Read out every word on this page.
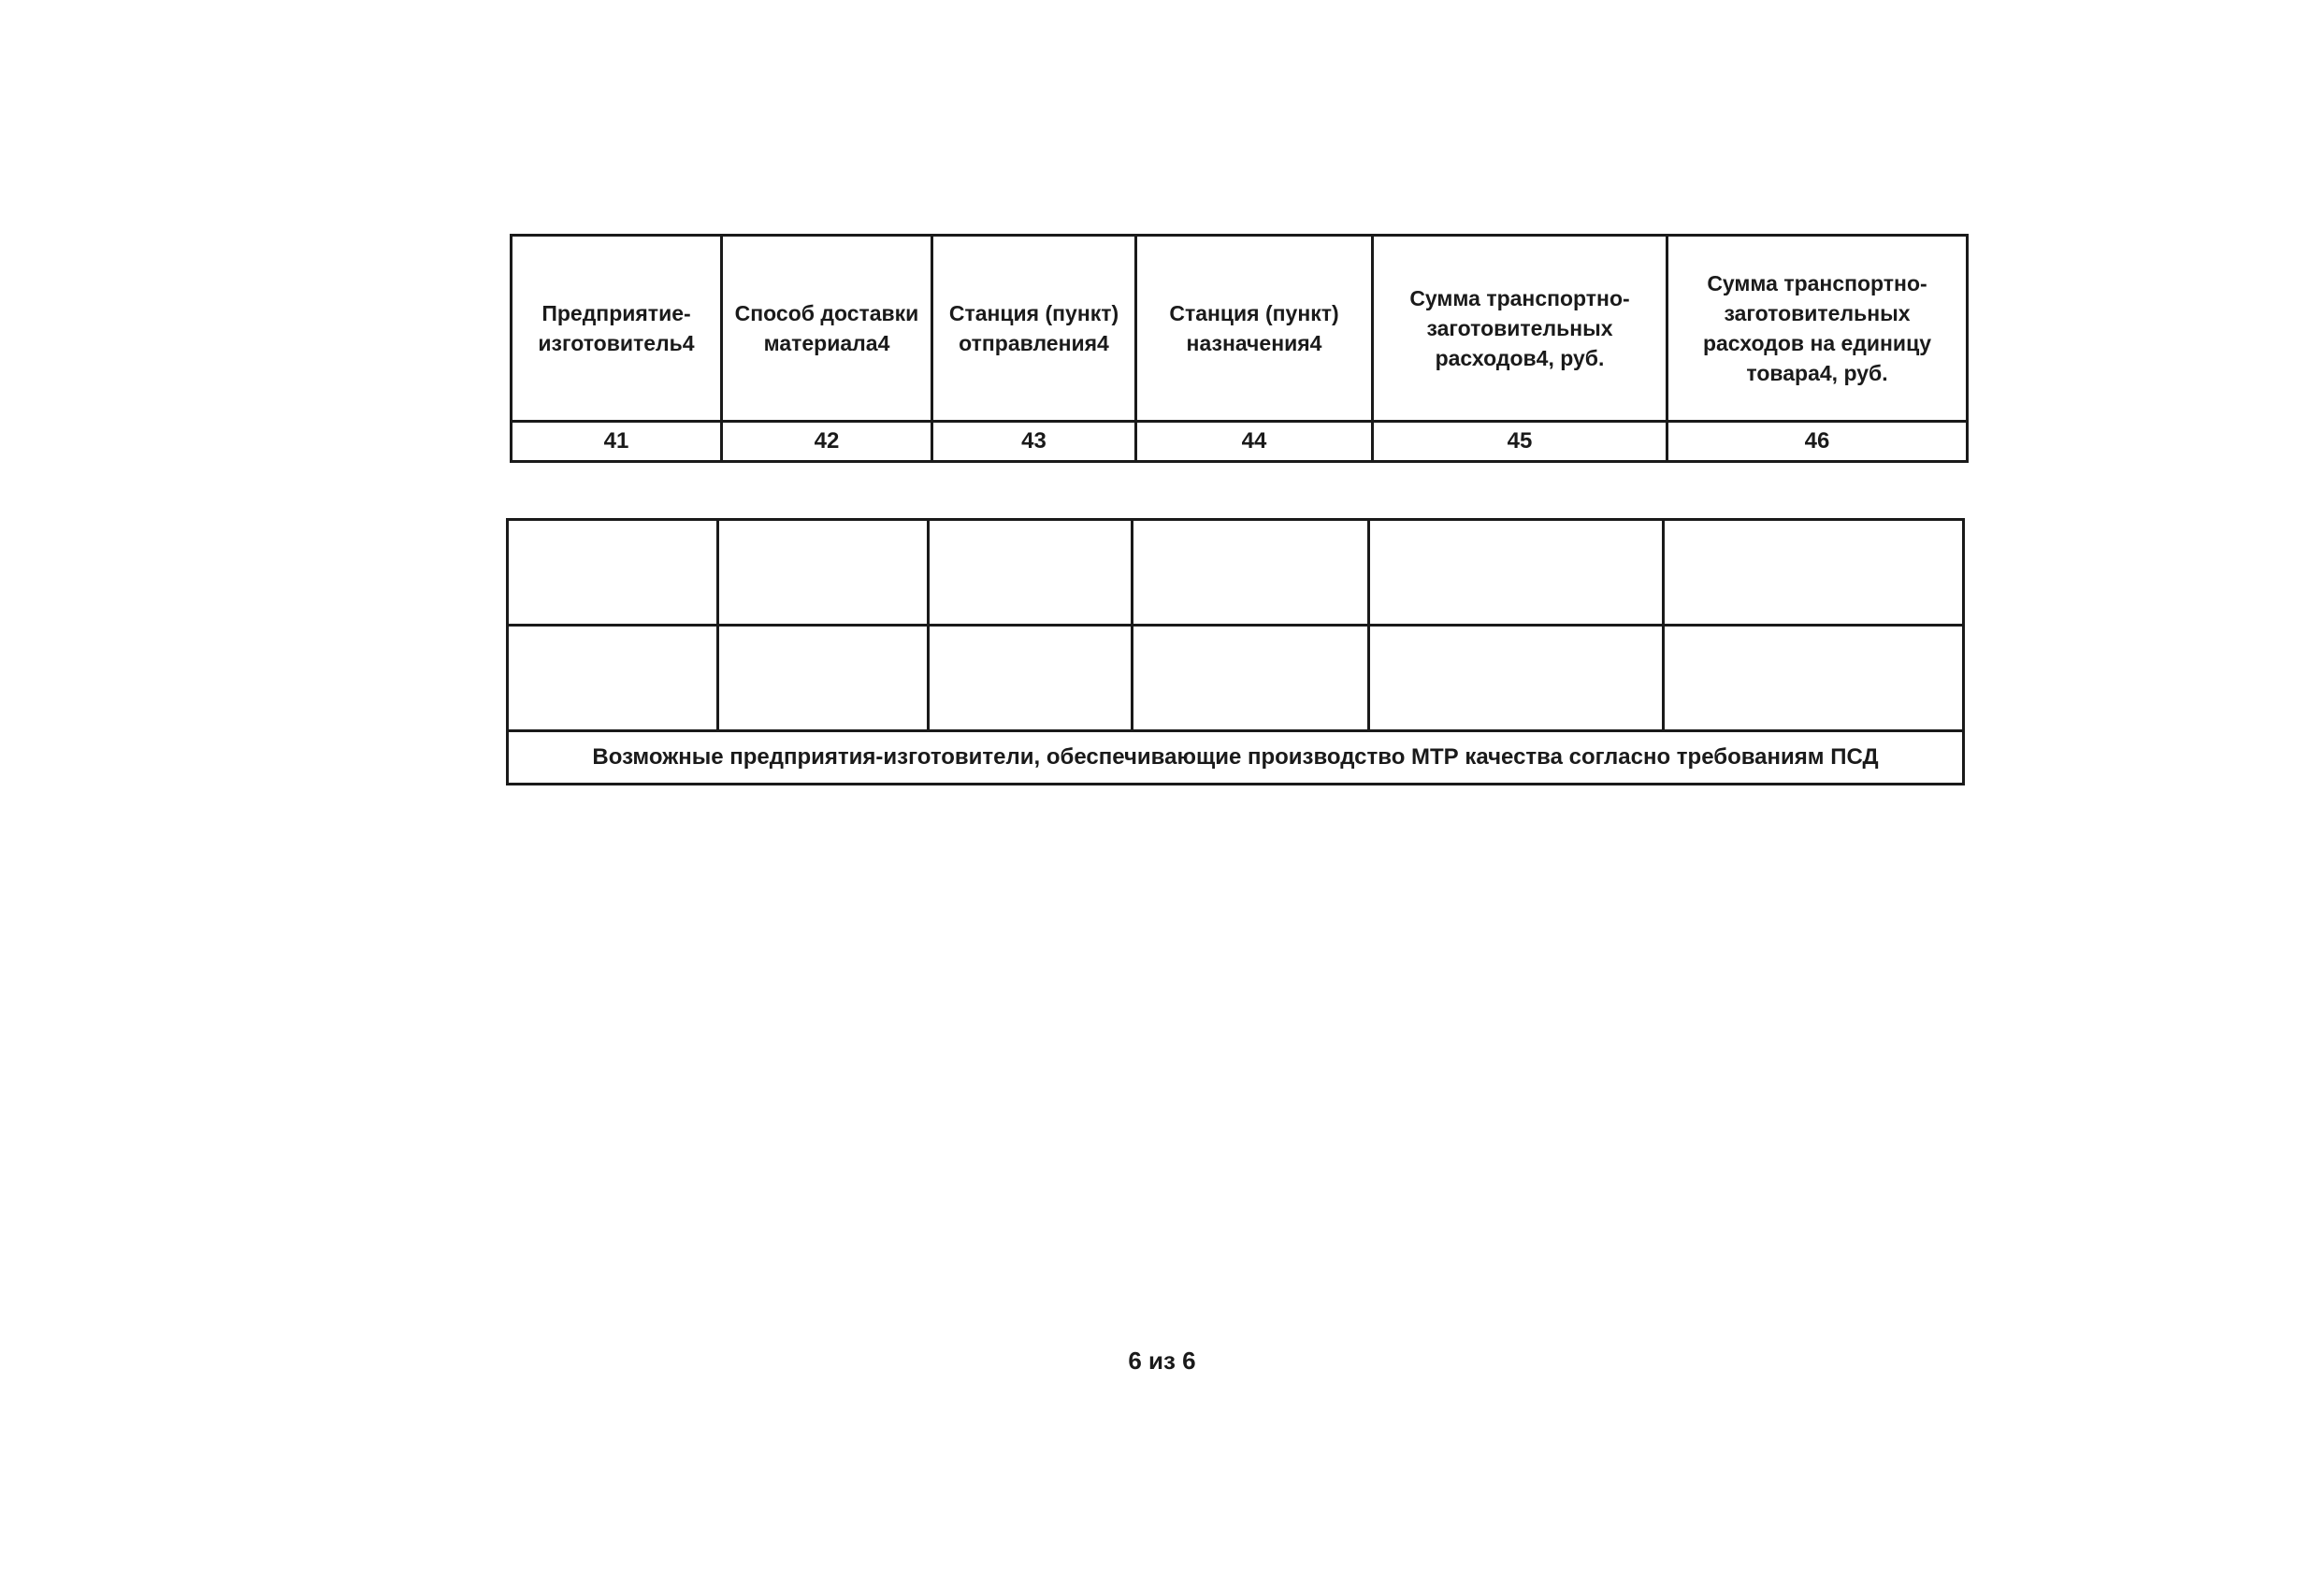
Предприятие-изготовитель4	Способ доставки материала4	Станция (пункт) отправления4	Станция (пункт) назначения4	Сумма транспортно-заготовительных расходов4, руб.	Сумма транспортно-заготовительных расходов на единицу товара4, руб.
41	42	43	44	45	46

Возможные предприятия-изготовители, обеспечивающие производство МТР качества согласно требованиям ПСД					
6 из 6
